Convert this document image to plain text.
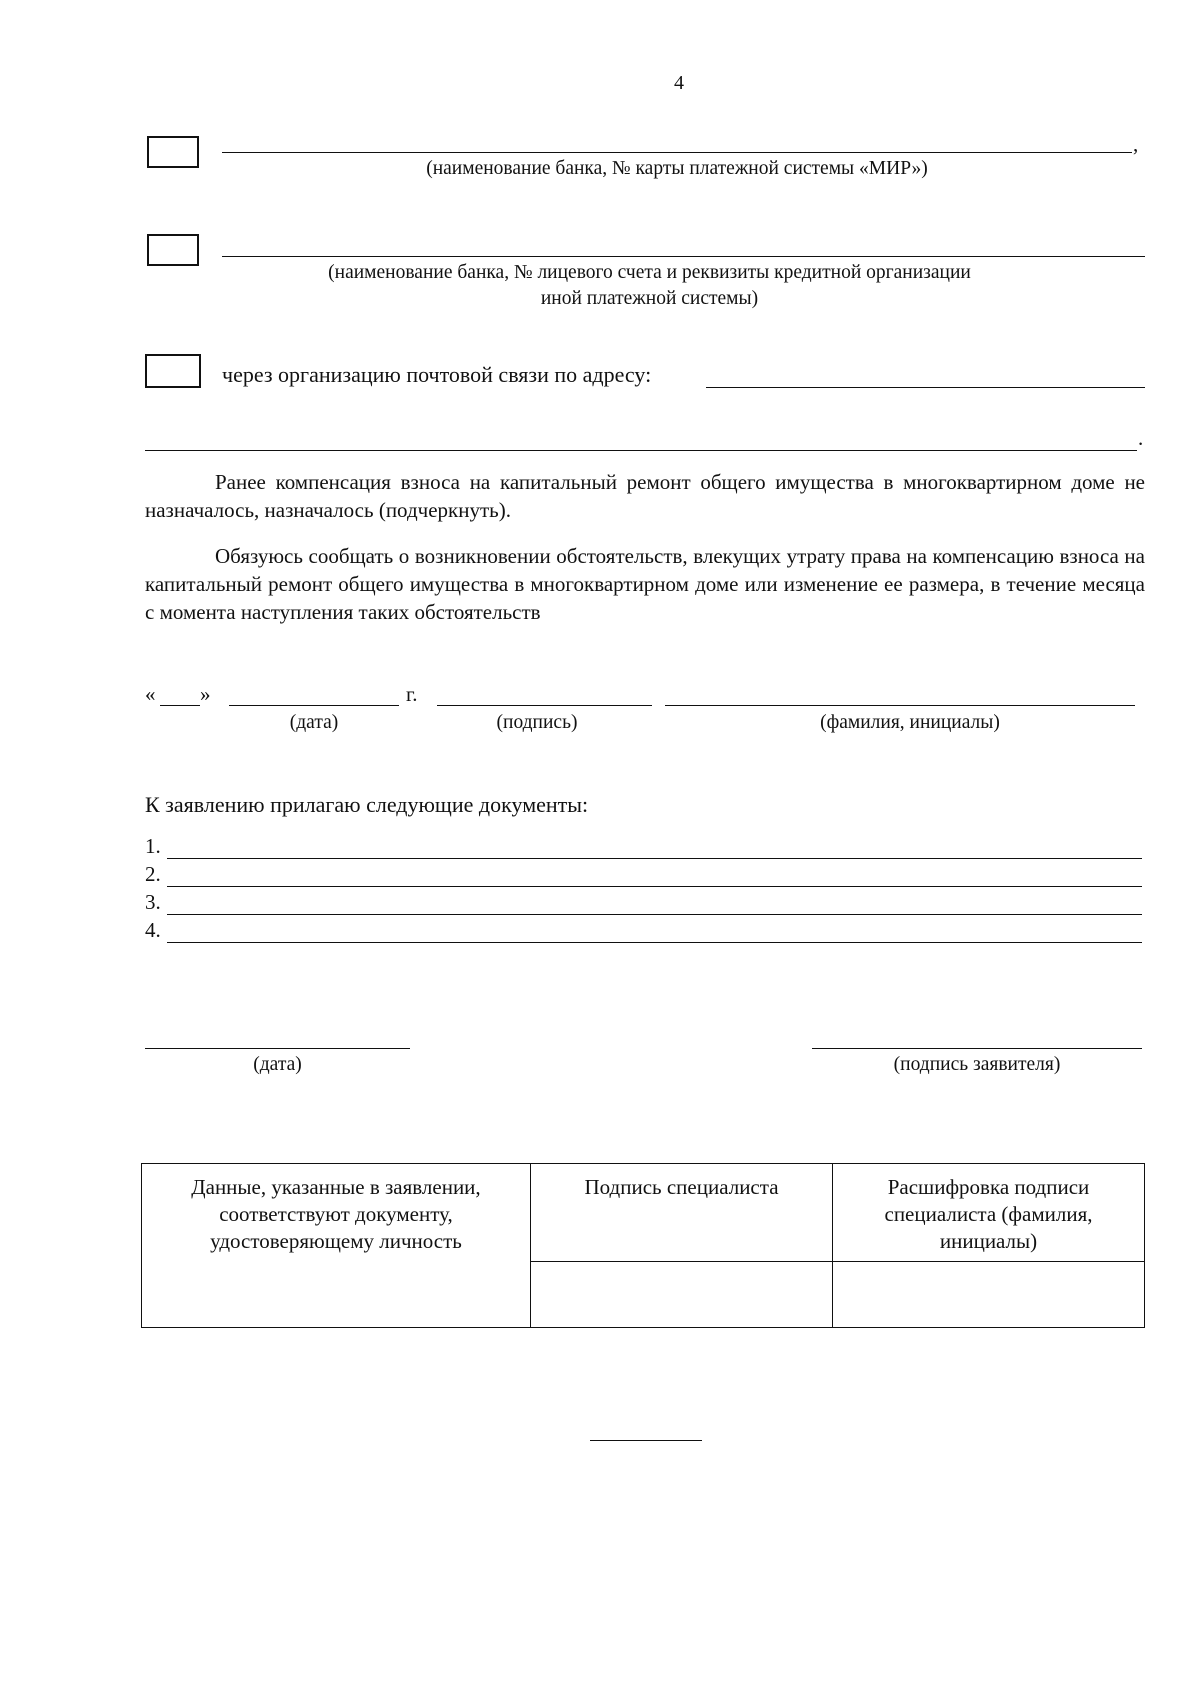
4
,
(наименование банка, № карты платежной системы «МИР»)
(наименование банка, № лицевого счета и реквизиты кредитной организации
иной платежной системы)
через организацию почтовой связи по адресу:
.
Ранее компенсация взноса на капитальный ремонт общего имущества в многоквартирном доме не назначалось, назначалось (подчеркнуть).
Обязуюсь сообщать о возникновении обстоятельств, влекущих утрату права на компенсацию взноса на капитальный ремонт общего имущества в многоквартирном доме или изменение ее размера, в течение месяца с момента наступления таких обстоятельств
« »	г.
(дата)	(подпись)	(фамилия, инициалы)
К заявлению прилагаю следующие документы:
1.
2.
3.
4.
(дата)	(подпись заявителя)
Данные, указанные в заявлении, соответствуют документу, удостоверяющему личность	Подпись специалиста	Расшифровка подписи специалиста (фамилия, инициалы)
